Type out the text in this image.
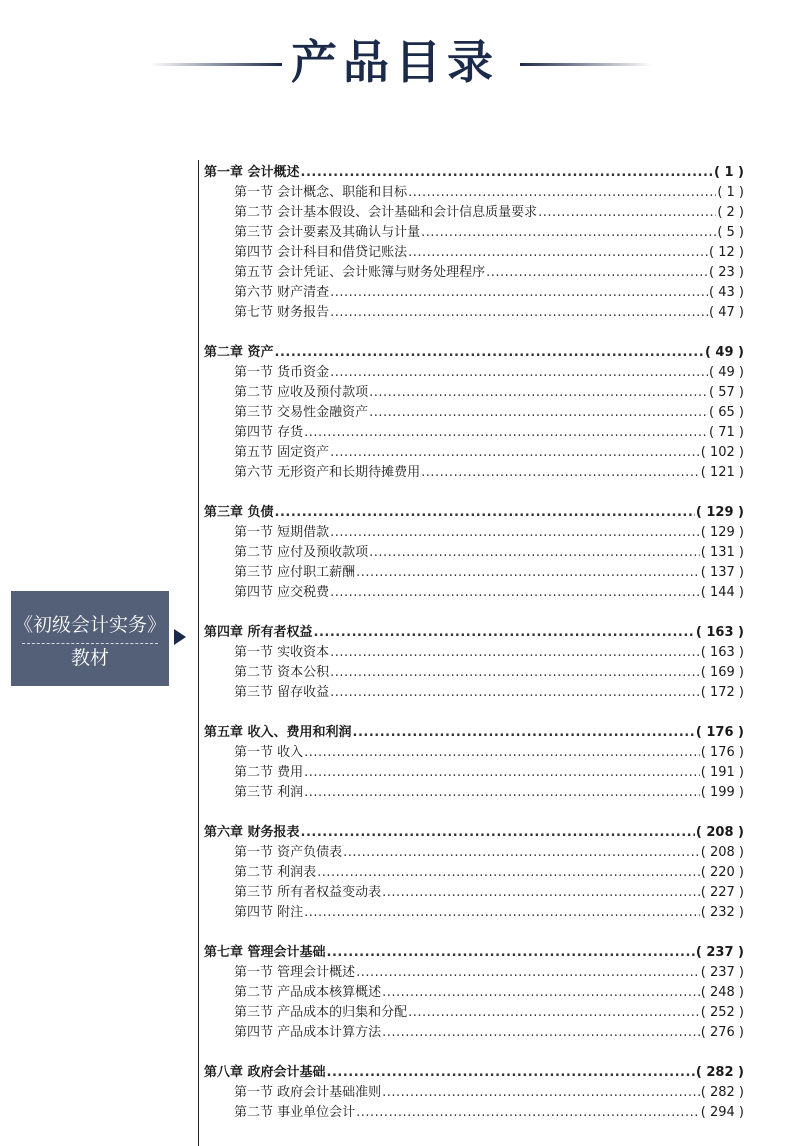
产品目录
《初级会计实务》
教材
第一章 会计概述 .....	( 1 )
第一节 会计概念、职能和目标 .....	( 1 )
第二节 会计基本假设、会计基础和会计信息质量要求 .....	( 2 )
第三节 会计要素及其确认与计量 .....	( 5 )
第四节 会计科目和借贷记账法 .....	( 12 )
第五节 会计凭证、会计账簿与财务处理程序 .....	( 23 )
第六节 财产清查 .....	( 43 )
第七节 财务报告 .....	( 47 )
第二章 资产 .....	( 49 )
第一节 货币资金 .....	( 49 )
第二节 应收及预付款项 .....	( 57 )
第三节 交易性金融资产 .....	( 65 )
第四节 存货 .....	( 71 )
第五节 固定资产 .....	( 102 )
第六节 无形资产和长期待摊费用 .....	( 121 )
第三章 负债 .....	( 129 )
第一节 短期借款 .....	( 129 )
第二节 应付及预收款项 .....	( 131 )
第三节 应付职工薪酬 .....	( 137 )
第四节 应交税费 .....	( 144 )
第四章 所有者权益 .....	( 163 )
第一节 实收资本 .....	( 163 )
第二节 资本公积 .....	( 169 )
第三节 留存收益 .....	( 172 )
第五章 收入、费用和利润 .....	( 176 )
第一节 收入 .....	( 176 )
第二节 费用 .....	( 191 )
第三节 利润 .....	( 199 )
第六章 财务报表 .....	( 208 )
第一节 资产负债表 .....	( 208 )
第二节 利润表 .....	( 220 )
第三节 所有者权益变动表 .....	( 227 )
第四节 附注 .....	( 232 )
第七章 管理会计基础 .....	( 237 )
第一节 管理会计概述 .....	( 237 )
第二节 产品成本核算概述 .....	( 248 )
第三节 产品成本的归集和分配 .....	( 252 )
第四节 产品成本计算方法 .....	( 276 )
第八章 政府会计基础 .....	( 282 )
第一节 政府会计基础准则 .....	( 282 )
第二节 事业单位会计 .....	( 294 )
